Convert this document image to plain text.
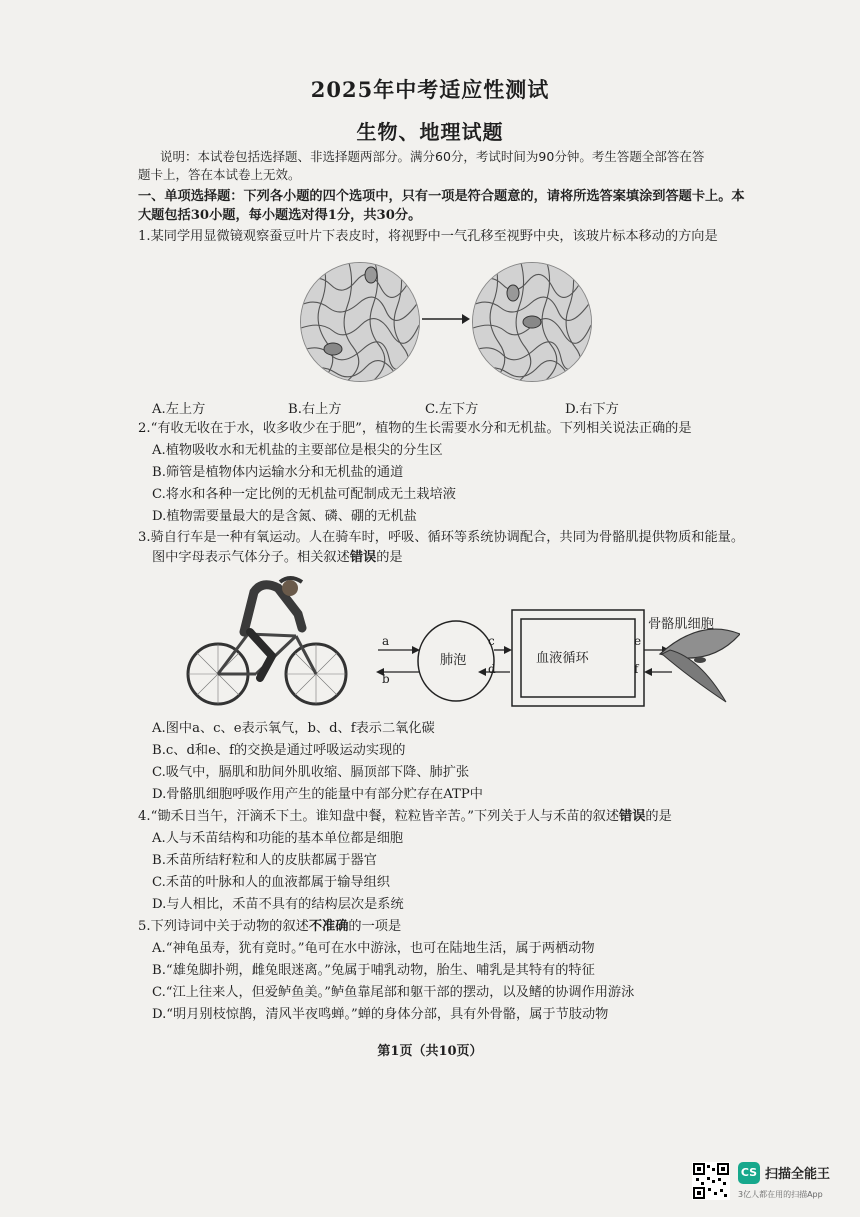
2025年中考适应性测试
生物、地理试题
说明：本试卷包括选择题、非选择题两部分。满分60分，考试时间为90分钟。考生答题全部答在答
题卡上，答在本试卷上无效。
一、单项选择题：下列各小题的四个选项中，只有一项是符合题意的，请将所选答案填涂到答题卡上。本
大题包括30小题，每小题选对得1分，共30分。
1.某同学用显微镜观察蚕豆叶片下表皮时，将视野中一气孔移至视野中央，该玻片标本移动的方向是
A.左上方	B.右上方	C.左下方	D.右下方
2.“有收无收在于水，收多收少在于肥”，植物的生长需要水分和无机盐。下列相关说法正确的是
A.植物吸收水和无机盐的主要部位是根尖的分生区
B.筛管是植物体内运输水分和无机盐的通道
C.将水和各种一定比例的无机盐可配制成无土栽培液
D.植物需要量最大的是含氮、磷、硼的无机盐
3.骑自行车是一种有氧运动。人在骑车时，呼吸、循环等系统协调配合，共同为骨骼肌提供物质和能量。
图中字母表示气体分子。相关叙述错误的是
a
b
c
d
e
f
肺泡	血液循环
骨骼肌细胞
A.图中a、c、e表示氧气，b、d、f表示二氧化碳
B.c、d和e、f的交换是通过呼吸运动实现的
C.吸气中，膈肌和肋间外肌收缩、膈顶部下降、肺扩张
D.骨骼肌细胞呼吸作用产生的能量中有部分贮存在ATP中
4.“锄禾日当午，汗滴禾下土。谁知盘中餐，粒粒皆辛苦。”下列关于人与禾苗的叙述错误的是
A.人与禾苗结构和功能的基本单位都是细胞
B.禾苗所结籽粒和人的皮肤都属于器官
C.禾苗的叶脉和人的血液都属于输导组织
D.与人相比，禾苗不具有的结构层次是系统
5.下列诗词中关于动物的叙述不准确的一项是
A.“神龟虽寿，犹有竟时。”龟可在水中游泳，也可在陆地生活，属于两栖动物
B.“雄兔脚扑朔，雌兔眼迷离。”兔属于哺乳动物，胎生、哺乳是其特有的特征
C.“江上往来人，但爱鲈鱼美。”鲈鱼靠尾部和躯干部的摆动，以及鳍的协调作用游泳
D.“明月别枝惊鹊，清风半夜鸣蝉。”蝉的身体分部，具有外骨骼，属于节肢动物
第1页（共10页）
CS 扫描全能王
3亿人都在用的扫描App
